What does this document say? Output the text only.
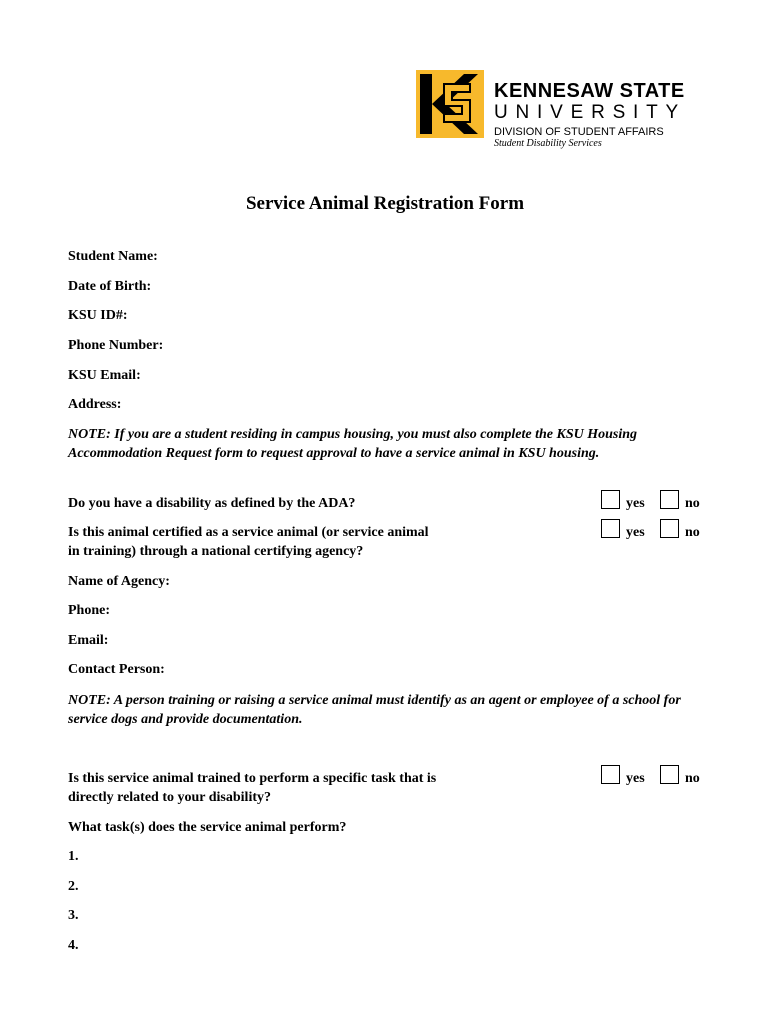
KENNESAW STATE
UNIVERSITY
DIVISION OF STUDENT AFFAIRS
Student Disability Services
Service Animal Registration Form
Student Name:
Date of Birth:
KSU ID#:
Phone Number:
KSU Email:
Address:
NOTE: If you are a student residing in campus housing, you must also complete the KSU Housing Accommodation Request form to request approval to have a service animal in KSU housing.
Do you have a disability as defined by the ADA?	yes	no
Is this animal certified as a service animal (or service animal
in training) through a national certifying agency?
yes	no
Name of Agency:
Phone:
Email:
Contact Person:
NOTE: A person training or raising a service animal must identify as an agent or employee of a school for service dogs and provide documentation.
Is this service animal trained to perform a specific task that is
directly related to your disability?
yes	no
What task(s) does the service animal perform?
1.
2.
3.
4.
